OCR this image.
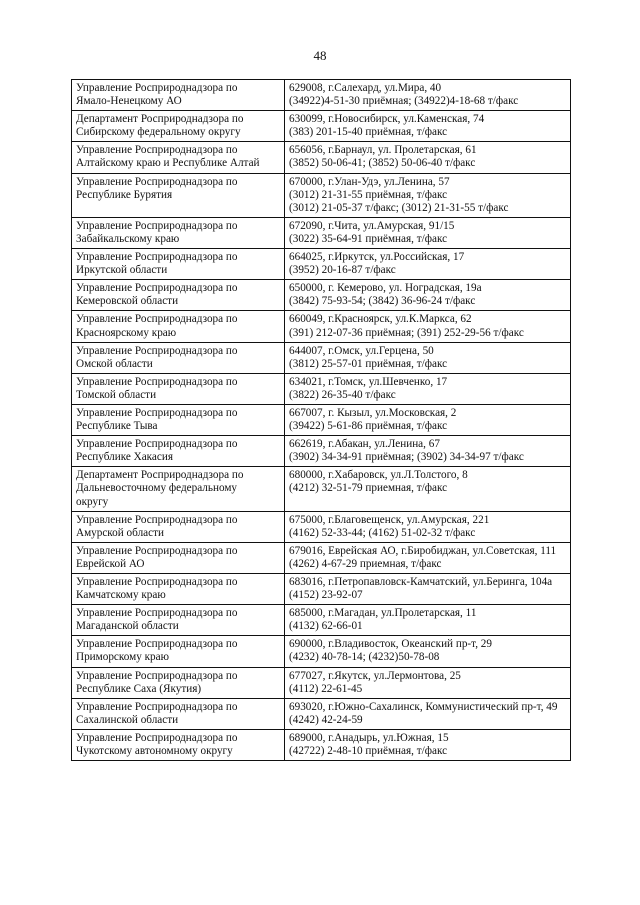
48
Управление Росприроднадзора по
Ямало-Ненецкому АО	629008, г.Салехард, ул.Мира, 40
(34922)4-51-30 приёмная; (34922)4-18-68 т/факс

Департамент Росприроднадзора по
Сибирскому федеральному округу	630099, г.Новосибирск, ул.Каменская, 74
(383) 201-15-40 приёмная, т/факс

Управление Росприроднадзора по
Алтайскому краю и Республике Алтай	656056, г.Барнаул, ул. Пролетарская, 61
(3852) 50-06-41; (3852) 50-06-40 т/факс

Управление Росприроднадзора по
Республике Бурятия	670000, г.Улан-Удэ, ул.Ленина, 57
(3012) 21-31-55 приёмная, т/факс
(3012) 21-05-37 т/факс; (3012) 21-31-55 т/факс

Управление Росприроднадзора по
Забайкальскому краю	672090, г.Чита, ул.Амурская, 91/15
(3022) 35-64-91 приёмная, т/факс

Управление Росприроднадзора по
Иркутской области	664025, г.Иркутск, ул.Российская, 17
(3952) 20-16-87 т/факс

Управление Росприроднадзора по
Кемеровской области	650000, г. Кемерово, ул. Ноградская, 19а
(3842) 75-93-54; (3842) 36-96-24 т/факс

Управление Росприроднадзора по
Красноярскому краю	660049, г.Красноярск, ул.К.Маркса, 62
(391) 212-07-36 приёмная; (391) 252-29-56 т/факс

Управление Росприроднадзора по
Омской области	644007, г.Омск, ул.Герцена, 50
(3812) 25-57-01 приёмная, т/факс

Управление Росприроднадзора по
Томской области	634021, г.Томск, ул.Шевченко, 17
(3822) 26-35-40 т/факс

Управление Росприроднадзора по
Республике Тыва	667007, г. Кызыл, ул.Московская, 2
(39422) 5-61-86 приёмная, т/факс

Управление Росприроднадзора по
Республике Хакасия	662619, г.Абакан, ул.Ленина, 67
(3902) 34-34-91 приёмная; (3902) 34-34-97 т/факс

Департамент Росприроднадзора по
Дальневосточному федеральному
округу	680000, г.Хабаровск, ул.Л.Толстого, 8
(4212) 32-51-79 приемная, т/факс

Управление Росприроднадзора по
Амурской области	675000, г.Благовещенск, ул.Амурская, 221
(4162) 52-33-44; (4162) 51-02-32 т/факс

Управление Росприроднадзора по
Еврейской АО	679016, Еврейская АО, г.Биробиджан, ул.Советская, 111
(4262) 4-67-29 приемная, т/факс

Управление Росприроднадзора по
Камчатскому краю	683016, г.Петропавловск-Камчатский, ул.Беринга, 104а
(4152) 23-92-07

Управление Росприроднадзора по
Магаданской области	685000, г.Магадан, ул.Пролетарская, 11
(4132) 62-66-01

Управление Росприроднадзора по
Приморскому краю	690000, г.Владивосток, Океанский пр-т, 29
(4232) 40-78-14; (4232)50-78-08

Управление Росприроднадзора по
Республике Саха (Якутия)	677027, г.Якутск, ул.Лермонтова, 25
(4112) 22-61-45

Управление Росприроднадзора по
Сахалинской области	693020, г.Южно-Сахалинск, Коммунистический пр-т, 49
(4242) 42-24-59

Управление Росприроднадзора по
Чукотскому автономному округу	689000, г.Анадырь, ул.Южная, 15
(42722) 2-48-10 приёмная, т/факс
